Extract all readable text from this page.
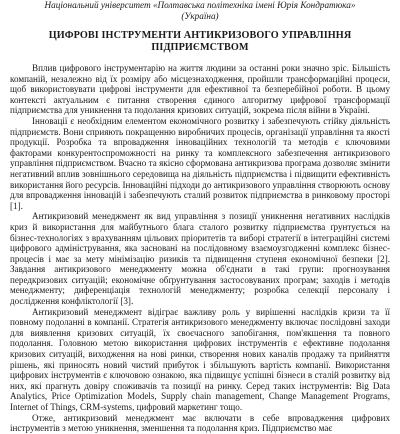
Національний університет «Полтавська політехніка імені Юрія Кондратюка»
(Україна)
ЦИФРОВІ ІНСТРУМЕНТИ АНТИКРИЗОВОГО УПРАВЛІННЯ
ПІДПРИЄМСТВОМ

Вплив цифрового інструментарію на життя людини за останні роки значно зріс. Більшість компаній, незалежно від їх розміру або місцезнаходження, пройшли трансформаційні процеси, щоб використовувати цифрові інструменти для ефективної та безперебійної роботи. В цьому контексті актуальним є питання створення єдиного алгоритму цифрової трансформації підприємства для уникнення та подолання кризових ситуацій, зокрема після війни в Україні.

Інновації є необхідним елементом економічного розвитку і забезпечують стійку діяльність підприємств. Вони сприяють покращенню виробничих процесів, організації управління та якості продукції. Розробка та впровадження інноваційних технологій та методів є ключовими факторами конкурентоспроможності на ринку та комплексного забезпечення антикризового управління підприємством. Вчасно та якісно сформована антикризова програма дозволяє змінити негативний вплив зовнішнього середовища на діяльність підприємства і підвищити ефективність використання його ресурсів. Інноваційні підходи до антикризового управління створюють основу для впровадження інновацій і забезпечують сталий розвиток підприємства в ринковому просторі [1].

Антикризовий менеджмент як вид управління з позиції уникнення негативних наслідків криз й використання для майбутнього блага сталого розвитку підприємства ґрунтується на бізнес-технологіях з врахуванням цільових пріоритетів та виборі стратегії в інтеграційні системі цифрового адміністрування, яка засновані на послідовному взаємоузгодженні комплекс бізнес-процесів і має за мету мінімізацію ризиків та підвищення ступеня економічної безпеки [2]. Завдання антикризового менеджменту можна об'єднати в такі групи: прогнозування передкризових ситуацій; економічне обґрунтування застосовуваних програм; заходів і методів менеджменту; диференціація технологій менеджменту; розробка селекції персоналу і дослідження конфліктології [3].

Антикризовий менеджмент відіграє важливу роль у вирішенні наслідків кризи та її повному подоланні в компанії. Стратегія антикризового менеджменту включає послідовні заходи для виявлення кризових ситуацій, їх своєчасного запобігання, пом'якшення та повного подолання. Головною метою використання цифрових інструментів є ефективне подолання кризових ситуацій, виходження на нові ринки, створення нових каналів продажу та прийняття рішень, які приносять новий чистий прибуток і збільшують вартість компанії. Використання цифрових інструментів є ключовою ознакою, яка підвищує успішні бізнеси в сталій розвитку від них, які прагнуть довіру споживачів та позиції на ринку. Серед таких інструментів: Big Data Analytics, Price Optimization Models, Supply chain management, Change Management Programs, Internet of Things, CRM-systems, цифровий маркетинг тощо.

Отже, антикризовий менеджмент має включати в себе впровадження цифрових інструментів з метою уникнення, зменшення та подолання криз. Підприємство має
